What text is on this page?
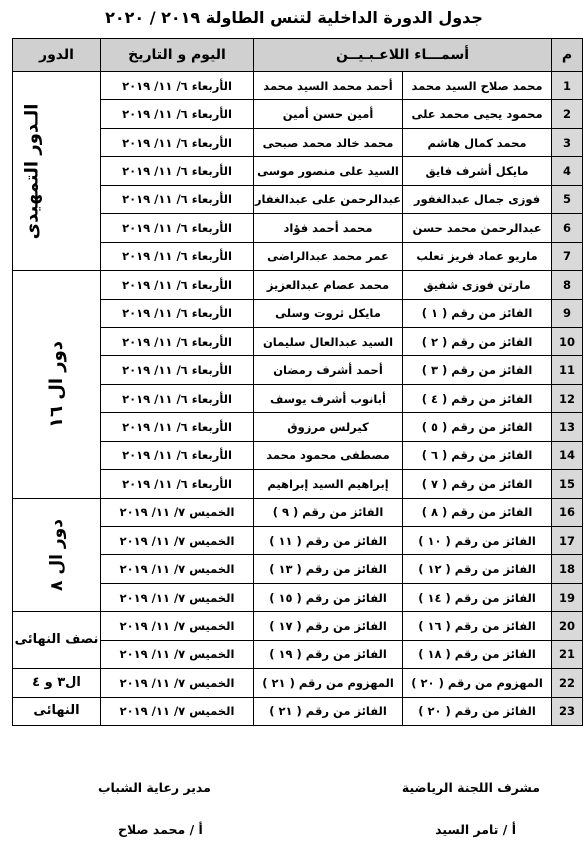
جدول الدورة الداخلية لتنس الطاولة ٢٠١٩ / ٢٠٢٠
م	أسمـــاء اللاعـبـيــن		اليوم و التاريخ	الدور
1	محمد صلاح السيد محمد	أحمد محمد السيد محمد	الأربعاء ٦/ ١١/ ٢٠١٩	الـدور التمهيدى
2	محمود يحيى محمد على	أمين حسن أمين	الأربعاء ٦/ ١١/ ٢٠١٩	
3	محمد كمال هاشم	محمد خالد محمد صبحى	الأربعاء ٦/ ١١/ ٢٠١٩	
4	مايكل أشرف فايق	السيد على منصور موسى	الأربعاء ٦/ ١١/ ٢٠١٩	
5	فوزى جمال عبدالغفور	عبدالرحمن على عبدالغفار	الأربعاء ٦/ ١١/ ٢٠١٩	
6	عبدالرحمن محمد حسن	محمد أحمد فؤاد	الأربعاء ٦/ ١١/ ٢٠١٩	
7	ماريو عماد فريز تعلب	عمر محمد عبدالراضى	الأربعاء ٦/ ١١/ ٢٠١٩	
8	مارتن فوزى شفيق	محمد عصام عبدالعزيز	الأربعاء ٦/ ١١/ ٢٠١٩	دور ال ١٦
9	الفائز من رقم ( ١ )	مايكل ثروت وسلى	الأربعاء ٦/ ١١/ ٢٠١٩	
10	الفائز من رقم ( ٢ )	السيد عبدالعال سليمان	الأربعاء ٦/ ١١/ ٢٠١٩	
11	الفائز من رقم ( ٣ )	أحمد أشرف رمضان	الأربعاء ٦/ ١١/ ٢٠١٩	
12	الفائز من رقم ( ٤ )	أبانوب أشرف يوسف	الأربعاء ٦/ ١١/ ٢٠١٩	
13	الفائز من رقم ( ٥ )	كيرلس مرزوق	الأربعاء ٦/ ١١/ ٢٠١٩	
14	الفائز من رقم ( ٦ )	مصطفى محمود محمد	الأربعاء ٦/ ١١/ ٢٠١٩	
15	الفائز من رقم ( ٧ )	إبراهيم السيد إبراهيم	الأربعاء ٦/ ١١/ ٢٠١٩	
16	الفائز من رقم ( ٨ )	الفائز من رقم ( ٩ )	الخميس ٧/ ١١/ ٢٠١٩	دور ال ٨
17	الفائز من رقم ( ١٠ )	الفائز من رقم ( ١١ )	الخميس ٧/ ١١/ ٢٠١٩	
18	الفائز من رقم ( ١٢ )	الفائز من رقم ( ١٣ )	الخميس ٧/ ١١/ ٢٠١٩	
19	الفائز من رقم ( ١٤ )	الفائز من رقم ( ١٥ )	الخميس ٧/ ١١/ ٢٠١٩	
20	الفائز من رقم ( ١٦ )	الفائز من رقم ( ١٧ )	الخميس ٧/ ١١/ ٢٠١٩	نصف النهائى

21	الفائز من رقم ( ١٨ )	الفائز من رقم ( ١٩ )	الخميس ٧/ ١١/ ٢٠١٩	
22	المهزوم من رقم ( ٢٠ )	المهزوم من رقم ( ٢١ )	الخميس ٧/ ١١/ ٢٠١٩	ال٣ و ٤

23	الفائز من رقم ( ٢٠ )	الفائز من رقم ( ٢١ )	الخميس ٧/ ١١/ ٢٠١٩	النهائى
مشرف اللجنة الرياضية
أ / تامر السيد
مدير رعاية الشباب
أ / محمد صلاح
